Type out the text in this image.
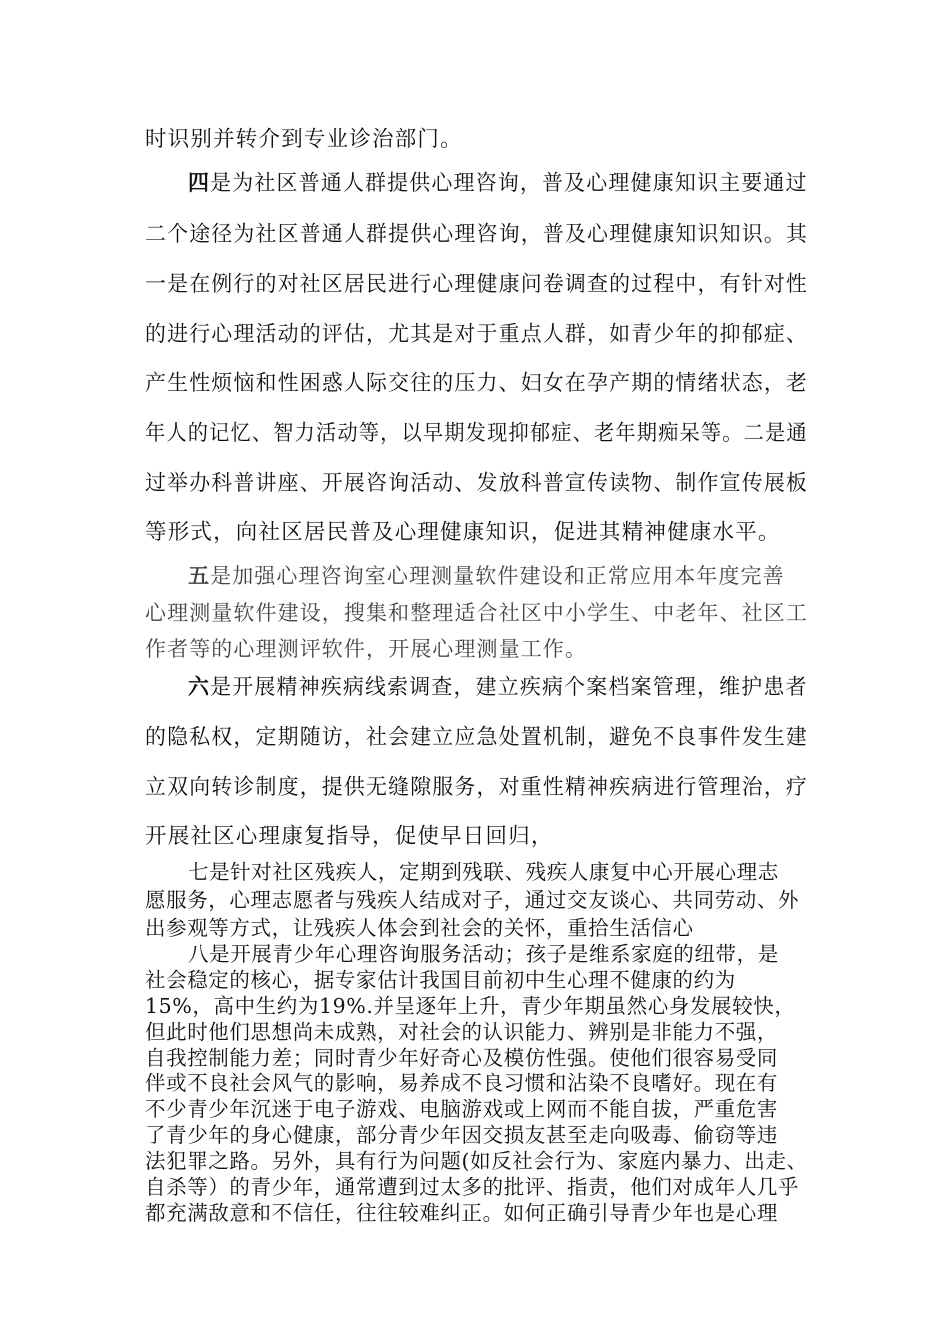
时识别并转介到专业诊治部门。
四是为社区普通人群提供心理咨询，普及心理健康知识主要通过
二个途径为社区普通人群提供心理咨询，普及心理健康知识知识。其
一是在例行的对社区居民进行心理健康问卷调查的过程中，有针对性
的进行心理活动的评估，尤其是对于重点人群，如青少年的抑郁症、
产生性烦恼和性困惑人际交往的压力、妇女在孕产期的情绪状态，老
年人的记忆、智力活动等，以早期发现抑郁症、老年期痴呆等。二是通
过举办科普讲座、开展咨询活动、发放科普宣传读物、制作宣传展板
等形式，向社区居民普及心理健康知识，促进其精神健康水平。
五是加强心理咨询室心理测量软件建设和正常应用本年度完善
心理测量软件建设，搜集和整理适合社区中小学生、中老年、社区工
作者等的心理测评软件，开展心理测量工作。
六是开展精神疾病线索调查，建立疾病个案档案管理，维护患者
的隐私权，定期随访，社会建立应急处置机制，避免不良事件发生建
立双向转诊制度，提供无缝隙服务，对重性精神疾病进行管理治，疗
开展社区心理康复指导，促使早日回归，
七是针对社区残疾人，定期到残联、残疾人康复中心开展心理志
愿服务，心理志愿者与残疾人结成对子，通过交友谈心、共同劳动、外
出参观等方式，让残疾人体会到社会的关怀，重拾生活信心
八是开展青少年心理咨询服务活动；孩子是维系家庭的纽带，是
社会稳定的核心，据专家估计我国目前初中生心理不健康的约为
15%，高中生约为19%.并呈逐年上升，青少年期虽然心身发展较快，
但此时他们思想尚未成熟，对社会的认识能力、辨别是非能力不强，
自我控制能力差；同时青少年好奇心及模仿性强。使他们很容易受同
伴或不良社会风气的影响，易养成不良习惯和沾染不良嗜好。现在有
不少青少年沉迷于电子游戏、电脑游戏或上网而不能自拔，严重危害
了青少年的身心健康，部分青少年因交损友甚至走向吸毒、偷窃等违
法犯罪之路。另外，具有行为问题(如反社会行为、家庭内暴力、出走、
自杀等）的青少年，通常遭到过太多的批评、指责，他们对成年人几乎
都充满敌意和不信任，往往较难纠正。如何正确引导青少年也是心理
